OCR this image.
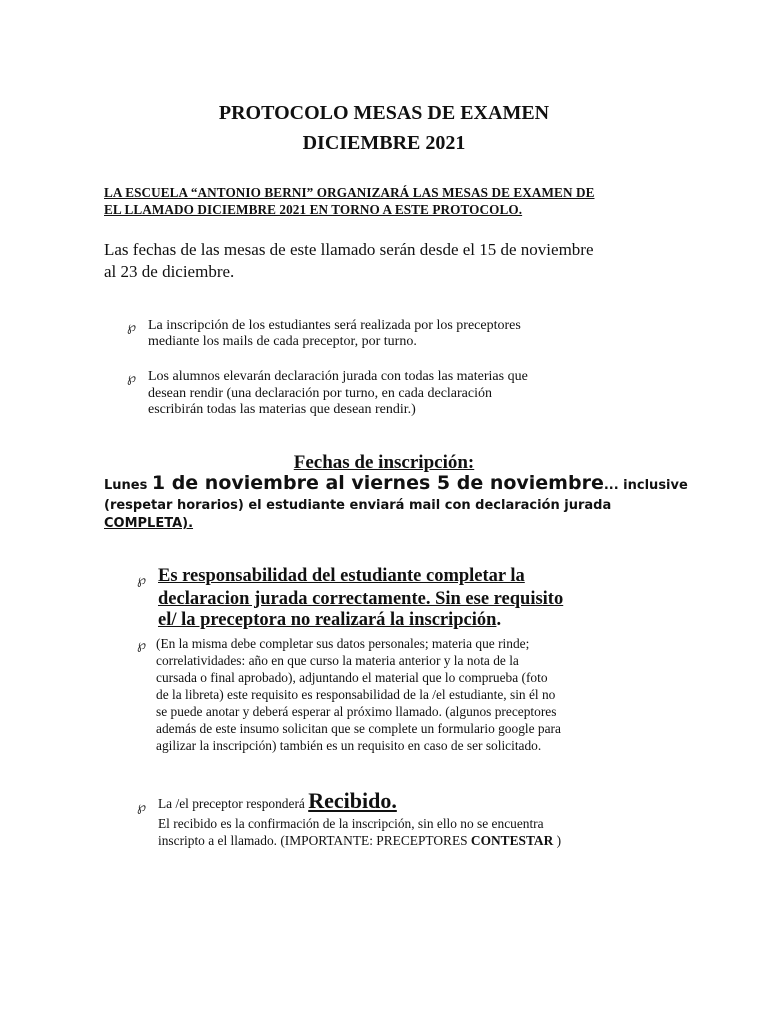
PROTOCOLO MESAS DE EXAMEN
DICIEMBRE 2021
LA ESCUELA “ANTONIO BERNI” ORGANIZARÁ LAS MESAS DE EXAMEN DE
EL LLAMADO DICIEMBRE 2021 EN TORNO A ESTE PROTOCOLO.
Las fechas de las mesas de este llamado serán desde el 15 de noviembre
al 23 de diciembre.
℘ La inscripción de los estudiantes será realizada por los preceptores
mediante los mails de cada preceptor, por turno.
℘ Los alumnos elevarán declaración jurada con todas las materias que
desean rendir (una declaración por turno, en cada declaración
escribirán todas las materias que desean rendir.)
Fechas de inscripción:
Lunes 1 de noviembre al viernes 5 de noviembre... inclusive
(respetar horarios) el estudiante enviará mail con declaración jurada
COMPLETA).
℘ Es responsabilidad del estudiante completar la
declaracion jurada correctamente. Sin ese requisito
el/ la preceptora no realizará la inscripción.
℘ (En la misma debe completar sus datos personales; materia que rinde;
correlatividades: año en que curso la materia anterior y la nota de la
cursada o final aprobado), adjuntando el material que lo comprueba (foto
de la libreta) este requisito es responsabilidad de la /el estudiante, sin él no
se puede anotar y deberá esperar al próximo llamado. (algunos preceptores
además de este insumo solicitan que se complete un formulario google para
agilizar la inscripción) también es un requisito en caso de ser solicitado.
℘ La /el preceptor responderá Recibido.
El recibido es la confirmación de la inscripción, sin ello no se encuentra
inscripto a el llamado. (IMPORTANTE: PRECEPTORES CONTESTAR )
